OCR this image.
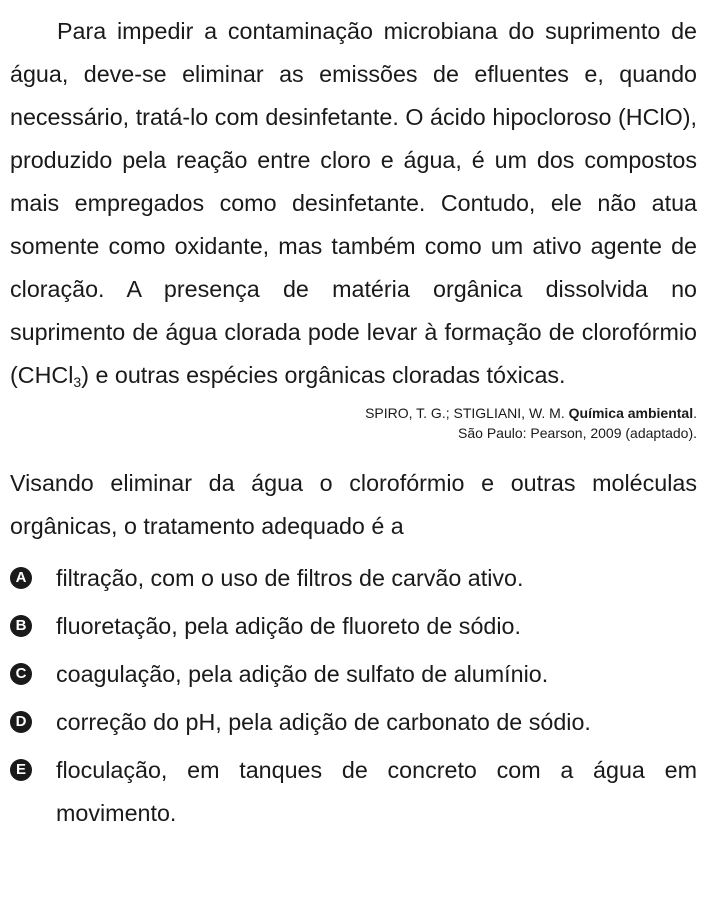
Para impedir a contaminação microbiana do suprimento de água, deve-se eliminar as emissões de efluentes e, quando necessário, tratá-lo com desinfetante. O ácido hipocloroso (HClO), produzido pela reação entre cloro e água, é um dos compostos mais empregados como desinfetante. Contudo, ele não atua somente como oxidante, mas também como um ativo agente de cloração. A presença de matéria orgânica dissolvida no suprimento de água clorada pode levar à formação de clorofórmio (CHCl$_3$) e outras espécies orgânicas cloradas tóxicas.

SPIRO, T. G.; STIGLIANI, W. M. Química ambiental.
São Paulo: Pearson, 2009 (adaptado).

Visando eliminar da água o clorofórmio e outras moléculas orgânicas, o tratamento adequado é a

A filtração, com o uso de filtros de carvão ativo.
B fluoretação, pela adição de fluoreto de sódio.
C coagulação, pela adição de sulfato de alumínio.
D correção do pH, pela adição de carbonato de sódio.
E floculação, em tanques de concreto com a água em movimento.
